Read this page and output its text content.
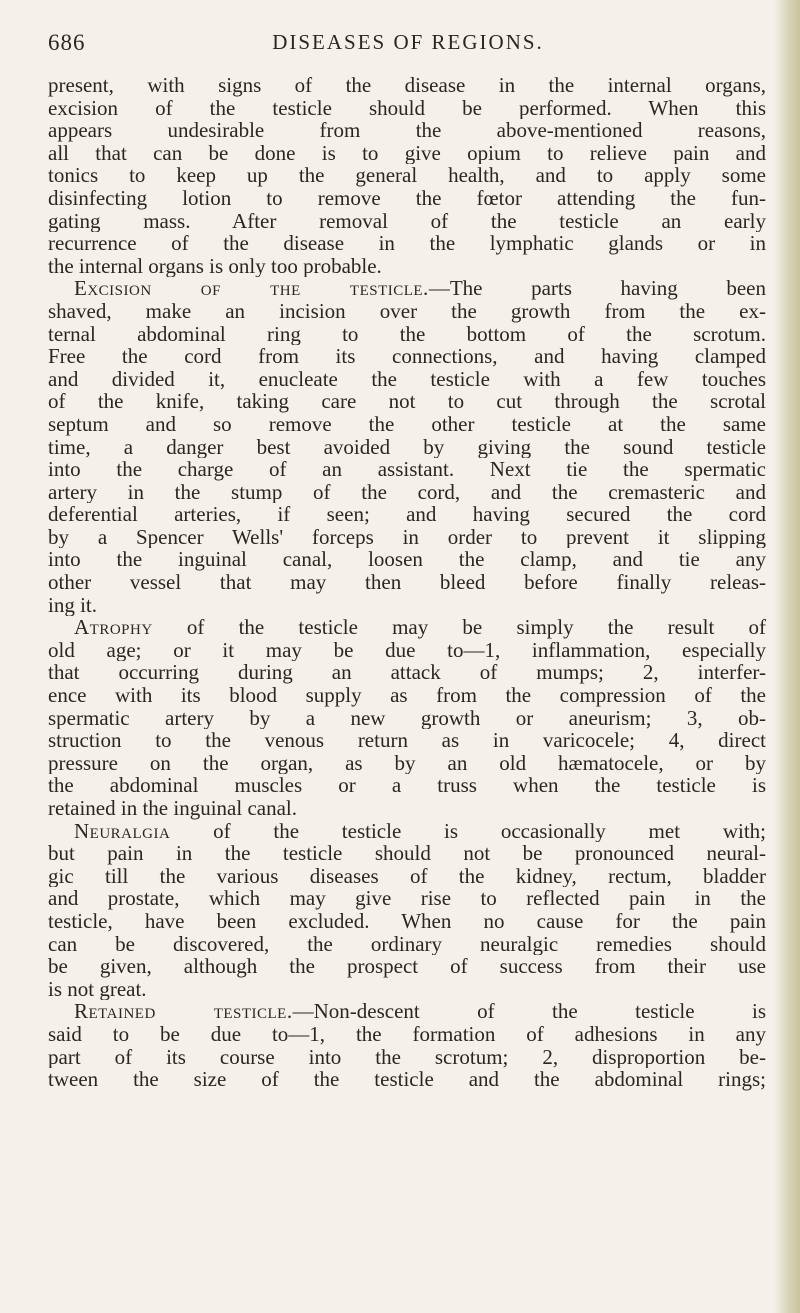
686	DISEASES OF REGIONS.
present, with signs of the disease in the internal organs,
excision of the testicle should be performed. When this
appears undesirable from the above-mentioned reasons,
all that can be done is to give opium to relieve pain and
tonics to keep up the general health, and to apply some
disinfecting lotion to remove the fœtor attending the fun-
gating mass. After removal of the testicle an early
recurrence of the disease in the lymphatic glands or in
the internal organs is only too probable.
Excision of the testicle.—The parts having been
shaved, make an incision over the growth from the ex-
ternal abdominal ring to the bottom of the scrotum.
Free the cord from its connections, and having clamped
and divided it, enucleate the testicle with a few touches
of the knife, taking care not to cut through the scrotal
septum and so remove the other testicle at the same
time, a danger best avoided by giving the sound testicle
into the charge of an assistant. Next tie the spermatic
artery in the stump of the cord, and the cremasteric and
deferential arteries, if seen; and having secured the cord
by a Spencer Wells' forceps in order to prevent it slipping
into the inguinal canal, loosen the clamp, and tie any
other vessel that may then bleed before finally releas-
ing it.
Atrophy of the testicle may be simply the result of
old age; or it may be due to—1, inflammation, especially
that occurring during an attack of mumps; 2, interfer-
ence with its blood supply as from the compression of the
spermatic artery by a new growth or aneurism; 3, ob-
struction to the venous return as in varicocele; 4, direct
pressure on the organ, as by an old hæmatocele, or by
the abdominal muscles or a truss when the testicle is
retained in the inguinal canal.
Neuralgia of the testicle is occasionally met with;
but pain in the testicle should not be pronounced neural-
gic till the various diseases of the kidney, rectum, bladder
and prostate, which may give rise to reflected pain in the
testicle, have been excluded. When no cause for the pain
can be discovered, the ordinary neuralgic remedies should
be given, although the prospect of success from their use
is not great.
Retained testicle.—Non-descent of the testicle is
said to be due to—1, the formation of adhesions in any
part of its course into the scrotum; 2, disproportion be-
tween the size of the testicle and the abdominal rings;
